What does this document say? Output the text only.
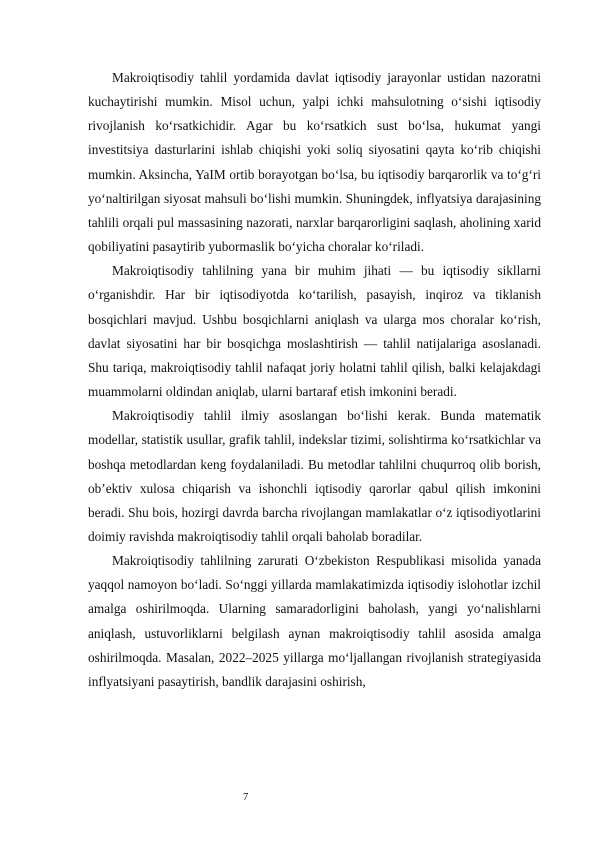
Makroiqtisodiy tahlil yordamida davlat iqtisodiy jarayonlar ustidan nazoratni kuchaytirishi mumkin. Misol uchun, yalpi ichki mahsulotning o‘sishi iqtisodiy rivojlanish ko‘rsatkichidir. Agar bu ko‘rsatkich sust bo‘lsa, hukumat yangi investitsiya dasturlarini ishlab chiqishi yoki soliq siyosatini qayta ko‘rib chiqishi mumkin. Aksincha, YaIM ortib borayotgan bo‘lsa, bu iqtisodiy barqarorlik va to‘g‘ri yo‘naltirilgan siyosat mahsuli bo‘lishi mumkin. Shuningdek, inflyatsiya darajasining tahlili orqali pul massasining nazorati, narxlar barqarorligini saqlash, aholining xarid qobiliyatini pasaytirib yubormaslik bo‘yicha choralar ko‘riladi.

Makroiqtisodiy tahlilning yana bir muhim jihati — bu iqtisodiy sikllarni o‘rganishdir. Har bir iqtisodiyotda ko‘tarilish, pasayish, inqiroz va tiklanish bosqichlari mavjud. Ushbu bosqichlarni aniqlash va ularga mos choralar ko‘rish, davlat siyosatini har bir bosqichga moslashtirish — tahlil natijalariga asoslanadi. Shu tariqa, makroiqtisodiy tahlil nafaqat joriy holatni tahlil qilish, balki kelajakdagi muammolarni oldindan aniqlab, ularni bartaraf etish imkonini beradi.

Makroiqtisodiy tahlil ilmiy asoslangan bo‘lishi kerak. Bunda matematik modellar, statistik usullar, grafik tahlil, indekslar tizimi, solishtirma ko‘rsatkichlar va boshqa metodlardan keng foydalaniladi. Bu metodlar tahlilni chuqurroq olib borish, ob’ektiv xulosa chiqarish va ishonchli iqtisodiy qarorlar qabul qilish imkonini beradi. Shu bois, hozirgi davrda barcha rivojlangan mamlakatlar o‘z iqtisodiyotlarini doimiy ravishda makroiqtisodiy tahlil orqali baholab boradilar.

Makroiqtisodiy tahlilning zarurati O‘zbekiston Respublikasi misolida yanada yaqqol namoyon bo‘ladi. So‘nggi yillarda mamlakatimizda iqtisodiy islohotlar izchil amalga oshirilmoqda. Ularning samaradorligini baholash, yangi yo‘nalishlarni aniqlash, ustuvorliklarni belgilash aynan makroiqtisodiy tahlil asosida amalga oshirilmoqda. Masalan, 2022–2025 yillarga mo‘ljallangan rivojlanish strategiyasida inflyatsiyani pasaytirish, bandlik darajasini oshirish,

7
